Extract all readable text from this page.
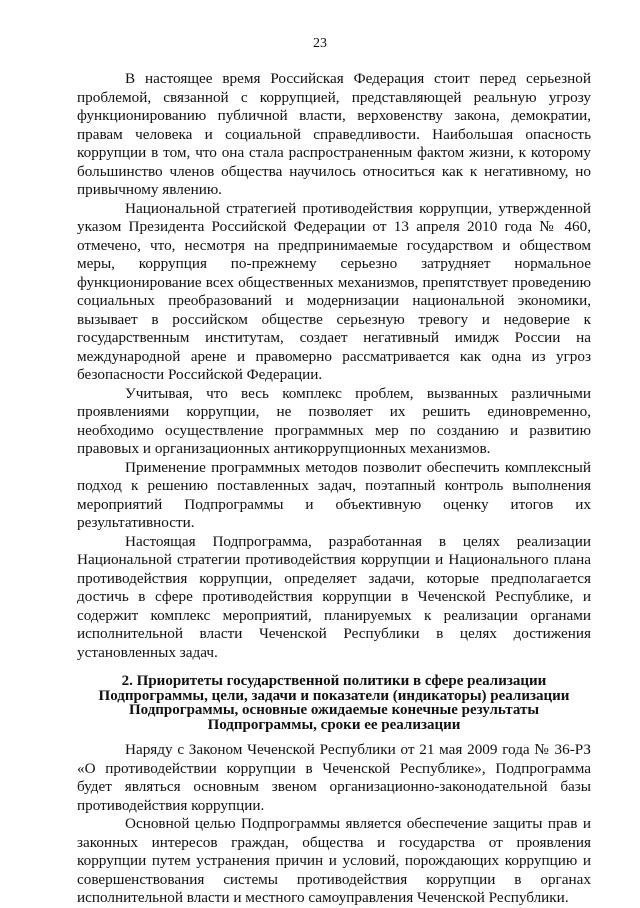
23

В настоящее время Российская Федерация стоит перед серьезной проблемой, связанной с коррупцией, представляющей реальную угрозу функционированию публичной власти, верховенству закона, демократии, правам человека и социальной справедливости. Наибольшая опасность коррупции в том, что она стала распространенным фактом жизни, к которому большинство членов общества научилось относиться как к негативному, но привычному явлению.

Национальной стратегией противодействия коррупции, утвержденной указом Президента Российской Федерации от 13 апреля 2010 года № 460, отмечено, что, несмотря на предпринимаемые государством и обществом меры, коррупция по-прежнему серьезно затрудняет нормальное функционирование всех общественных механизмов, препятствует проведению социальных преобразований и модернизации национальной экономики, вызывает в российском обществе серьезную тревогу и недоверие к государственным институтам, создает негативный имидж России на международной арене и правомерно рассматривается как одна из угроз безопасности Российской Федерации.

Учитывая, что весь комплекс проблем, вызванных различными проявлениями коррупции, не позволяет их решить единовременно, необходимо осуществление программных мер по созданию и развитию правовых и организационных антикоррупционных механизмов.

Применение программных методов позволит обеспечить комплексный подход к решению поставленных задач, поэтапный контроль выполнения мероприятий Подпрограммы и объективную оценку итогов их результативности.

Настоящая Подпрограмма, разработанная в целях реализации Национальной стратегии противодействия коррупции и Национального плана противодействия коррупции, определяет задачи, которые предполагается достичь в сфере противодействия коррупции в Чеченской Республике, и содержит комплекс мероприятий, планируемых к реализации органами исполнительной власти Чеченской Республики в целях достижения установленных задач.

2. Приоритеты государственной политики в сфере реализации
Подпрограммы, цели, задачи и показатели (индикаторы) реализации
Подпрограммы, основные ожидаемые конечные результаты
Подпрограммы, сроки ее реализации

Наряду с Законом Чеченской Республики от 21 мая 2009 года № 36-РЗ «О противодействии коррупции в Чеченской Республике», Подпрограмма будет являться основным звеном организационно-законодательной базы противодействия коррупции.

Основной целью Подпрограммы является обеспечение защиты прав и законных интересов граждан, общества и государства от проявления коррупции путем устранения причин и условий, порождающих коррупцию и совершенствования системы противодействия коррупции в органах исполнительной власти и местного самоуправления Чеченской Республики.
